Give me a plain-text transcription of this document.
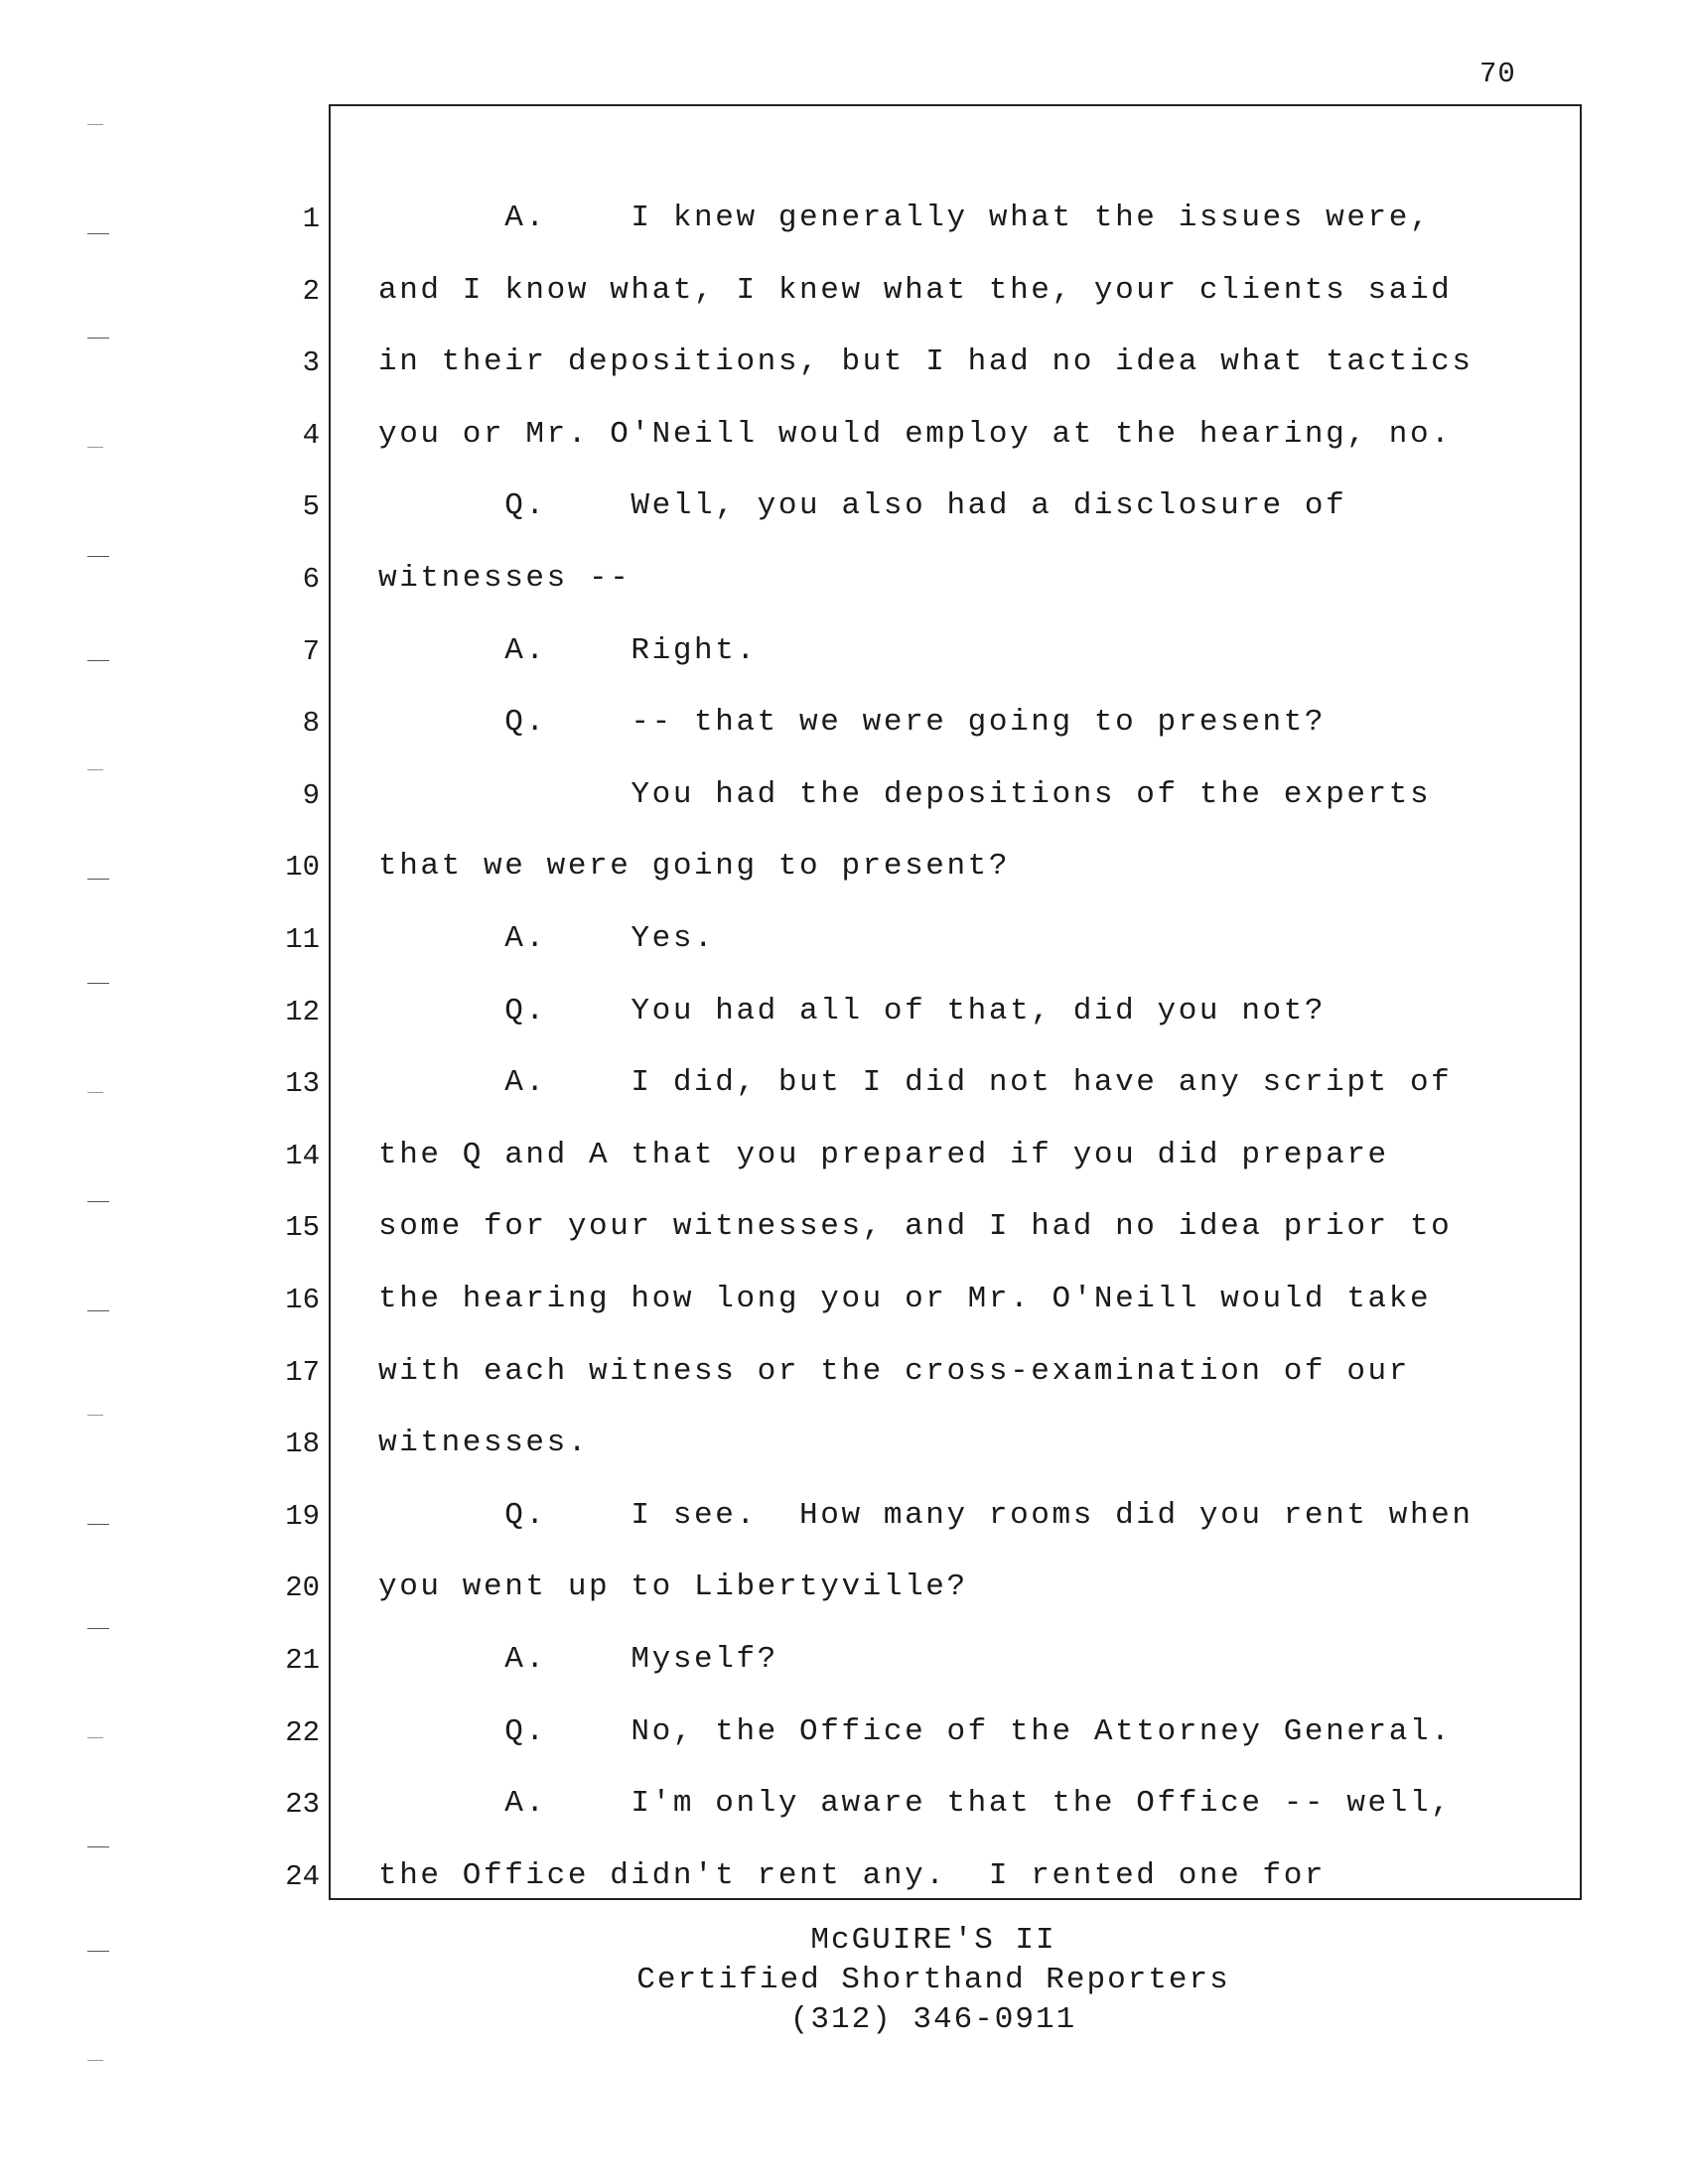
70
1 A.    I knew generally what the issues were,
2 and I know what, I knew what the, your clients said
3 in their depositions, but I had no idea what tactics
4 you or Mr. O'Neill would employ at the hearing, no.
5 Q.    Well, you also had a disclosure of
6 witnesses --
7 A.    Right.
8 Q.    -- that we were going to present?
9 You had the depositions of the experts
10 that we were going to present?
11 A.    Yes.
12 Q.    You had all of that, did you not?
13 A.    I did, but I did not have any script of
14 the Q and A that you prepared if you did prepare
15 some for your witnesses, and I had no idea prior to
16 the hearing how long you or Mr. O'Neill would take
17 with each witness or the cross-examination of our
18 witnesses.
19 Q.    I see.  How many rooms did you rent when
20 you went up to Libertyville?
21 A.    Myself?
22 Q.    No, the Office of the Attorney General.
23 A.    I'm only aware that the Office -- well,
24 the Office didn't rent any.  I rented one for
McGUIRE'S II
Certified Shorthand Reporters
(312) 346-0911
